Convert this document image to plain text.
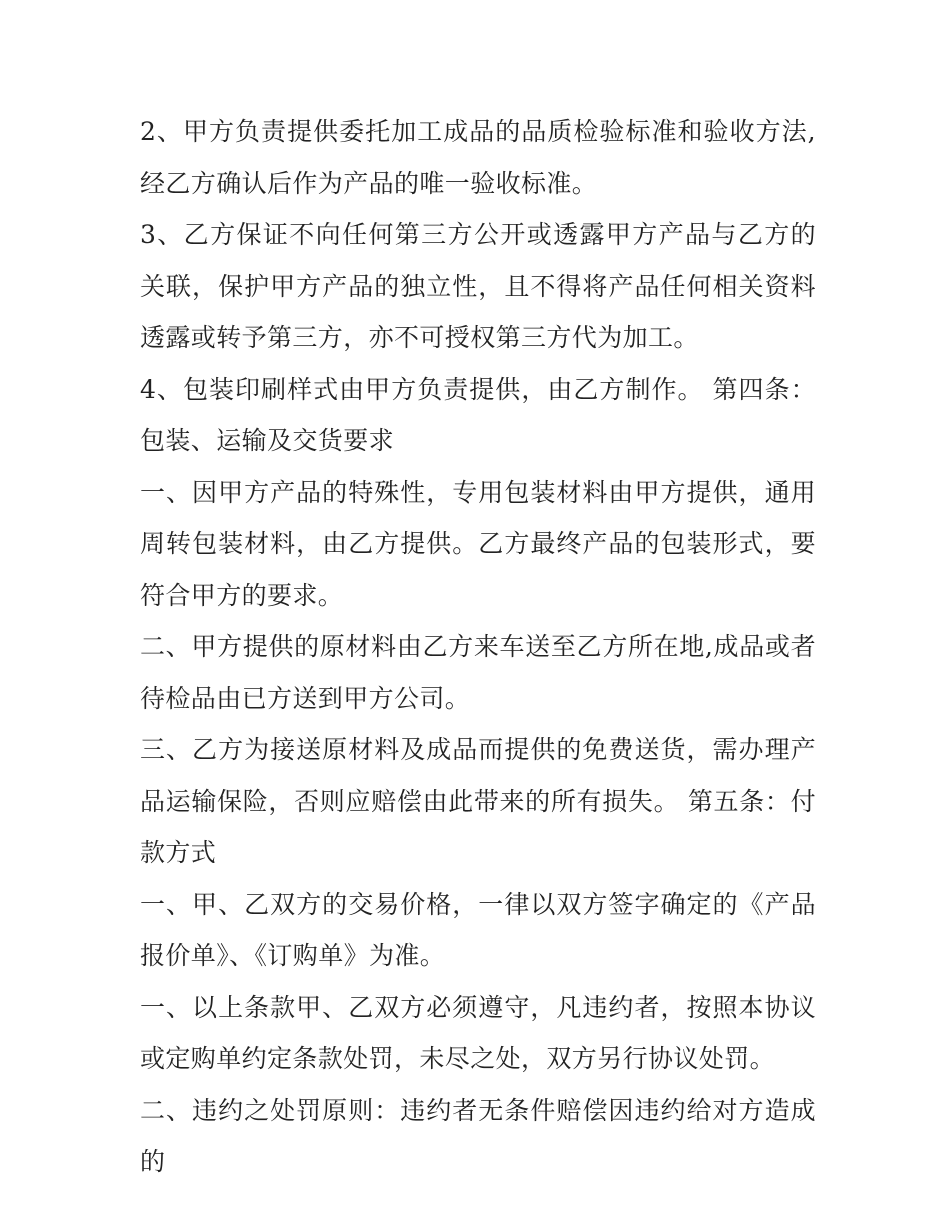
2、甲方负责提供委托加工成品的品质检验标准和验收方法,经乙方确认后作为产品的唯一验收标准。

3、乙方保证不向任何第三方公开或透露甲方产品与乙方的关联，保护甲方产品的独立性，且不得将产品任何相关资料透露或转予第三方，亦不可授权第三方代为加工。

4、包装印刷样式由甲方负责提供，由乙方制作。 第四条：包装、运输及交货要求

一、因甲方产品的特殊性，专用包装材料由甲方提供，通用周转包装材料，由乙方提供。乙方最终产品的包装形式，要符合甲方的要求。

二、甲方提供的原材料由乙方来车送至乙方所在地,成品或者待检品由已方送到甲方公司。

三、乙方为接送原材料及成品而提供的免费送货，需办理产品运输保险，否则应赔偿由此带来的所有损失。 第五条：付款方式

一、甲、乙双方的交易价格，一律以双方签字确定的《产品报价单》、《订购单》为准。

一、以上条款甲、乙双方必须遵守，凡违约者，按照本协议或定购单约定条款处罚，未尽之处，双方另行协议处罚。

二、违约之处罚原则：违约者无条件赔偿因违约给对方造成的
